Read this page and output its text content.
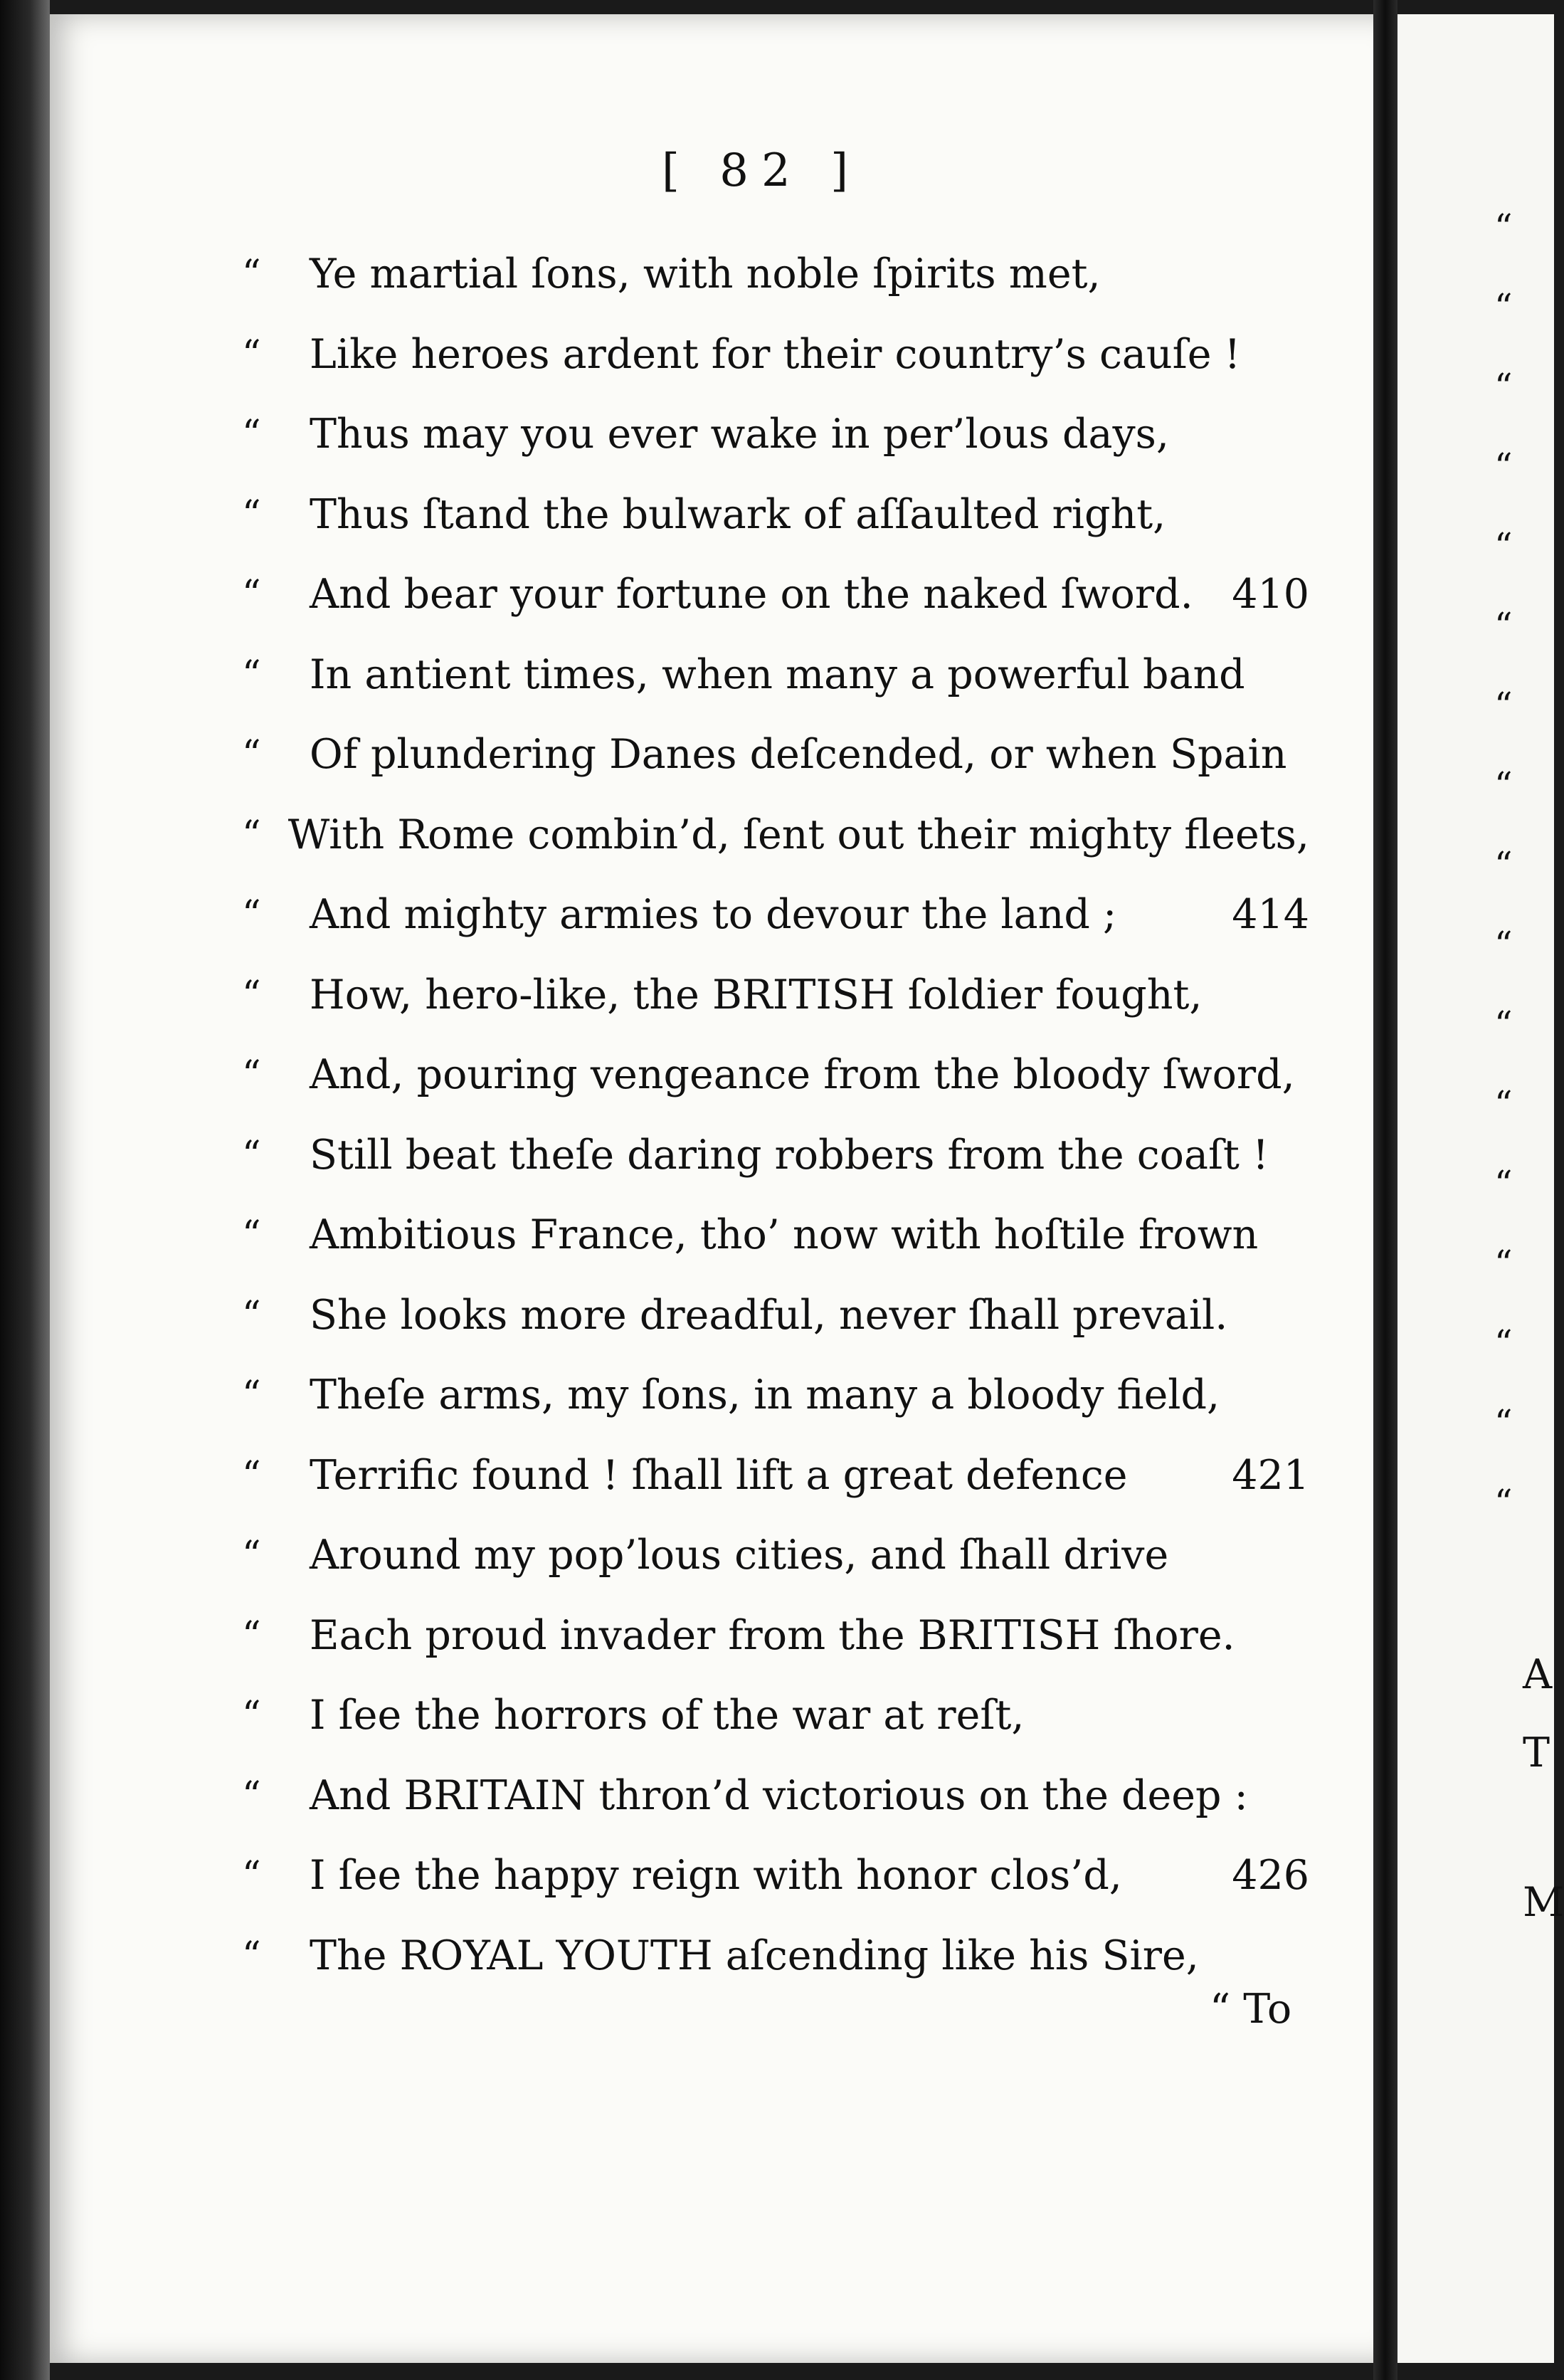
[ 82 ]
“	Ye martial ſons, with noble ſpirits met,
“	Like heroes ardent for their country’s cauſe !
“	Thus may you ever wake in per’lous days,
“	Thus ſtand the bulwark of aſſaulted right,
“	And bear your fortune on the naked ſword. 410
“	In antient times, when many a powerful band
“	Of plundering Danes deſcended, or when Spain
“ With Rome combin’d, ſent out their mighty fleets,
“	And mighty armies to devour the land ;	414
“	How, hero-like, the BRITISH ſoldier fought,
“	And, pouring vengeance from the bloody ſword,
“	Still beat theſe daring robbers from the coaſt !
“	Ambitious France, tho’ now with hoſtile frown
“	She looks more dreadful, never ſhall prevail.
“	Theſe arms, my ſons, in many a bloody field,
“	Terrific found ! ſhall lift a great defence	421
“	Around my pop’lous cities, and ſhall drive
“	Each proud invader from the BRITISH ſhore.
“	I ſee the horrors of the war at reſt,
“	And BRITAIN thron’d victorious on the deep :
“	I ſee the happy reign with honor clos’d,	426
“	The ROYAL YOUTH aſcending like his Sire,
“ To
“
“
“
“
“
“
“
“
“
“
“
“
“
“
“
“
“
A
T
M
